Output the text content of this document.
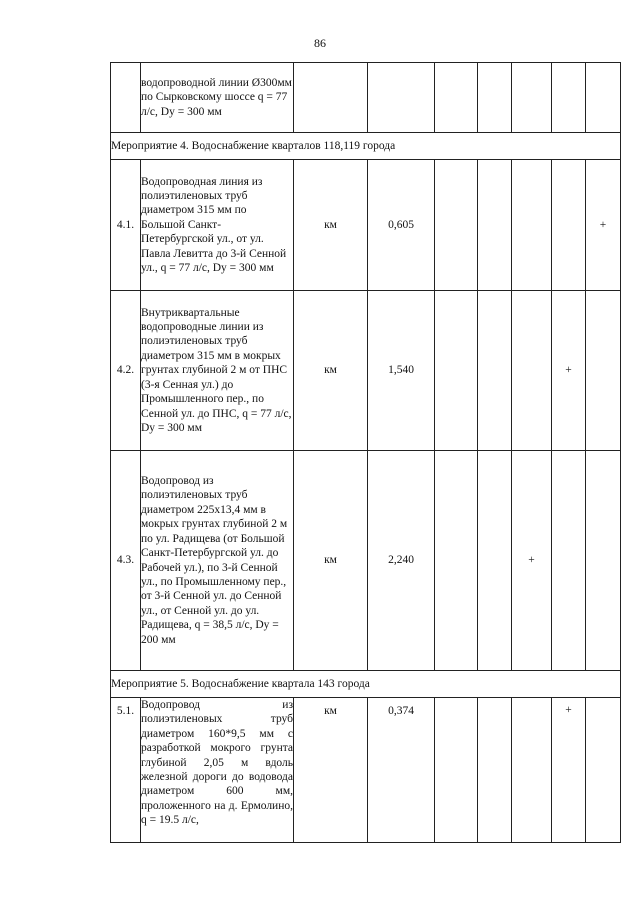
86
	водопроводной линии Ø300мм по Сырковскому шоссе q = 77 л/с, Dy = 300 мм							
Мероприятие 4. Водоснабжение кварталов 118,119 города								
4.1.	Водопроводная линия из полиэтиленовых труб диаметром 315 мм по Большой Санкт-Петербургской ул., от ул. Павла Левитта до 3-й Сенной ул., q = 77 л/с, Dy = 300 мм	км	0,605					+
4.2.	Внутриквартальные водопроводные линии из полиэтиленовых труб диаметром 315 мм в мокрых грунтах глубиной 2 м от ПНС (3-я Сенная ул.) до Промышленного пер., по Сенной ул. до ПНС, q = 77 л/с, Dy = 300 мм	км	1,540				+	
4.3.	Водопровод из полиэтиленовых труб диаметром 225х13,4 мм в мокрых грунтах глубиной 2 м по ул. Радищева (от Большой Санкт-Петербургской ул. до Рабочей ул.), по 3-й Сенной ул., по Промышленному пер., от 3-й Сенной ул. до Сенной ул., от Сенной ул. до ул. Радищева, q = 38,5 л/с, Dy = 200 мм	км	2,240			+		
Мероприятие 5. Водоснабжение квартала 143 города								
5.1.	Водопровод из полиэтиленовых труб диаметром 160*9,5 мм с разработкой мокрого грунта глубиной 2,05 м вдоль железной дороги до водовода диаметром 600 мм, проложенного на д. Ермолино, q = 19.5 л/с,	км	0,374				+	
